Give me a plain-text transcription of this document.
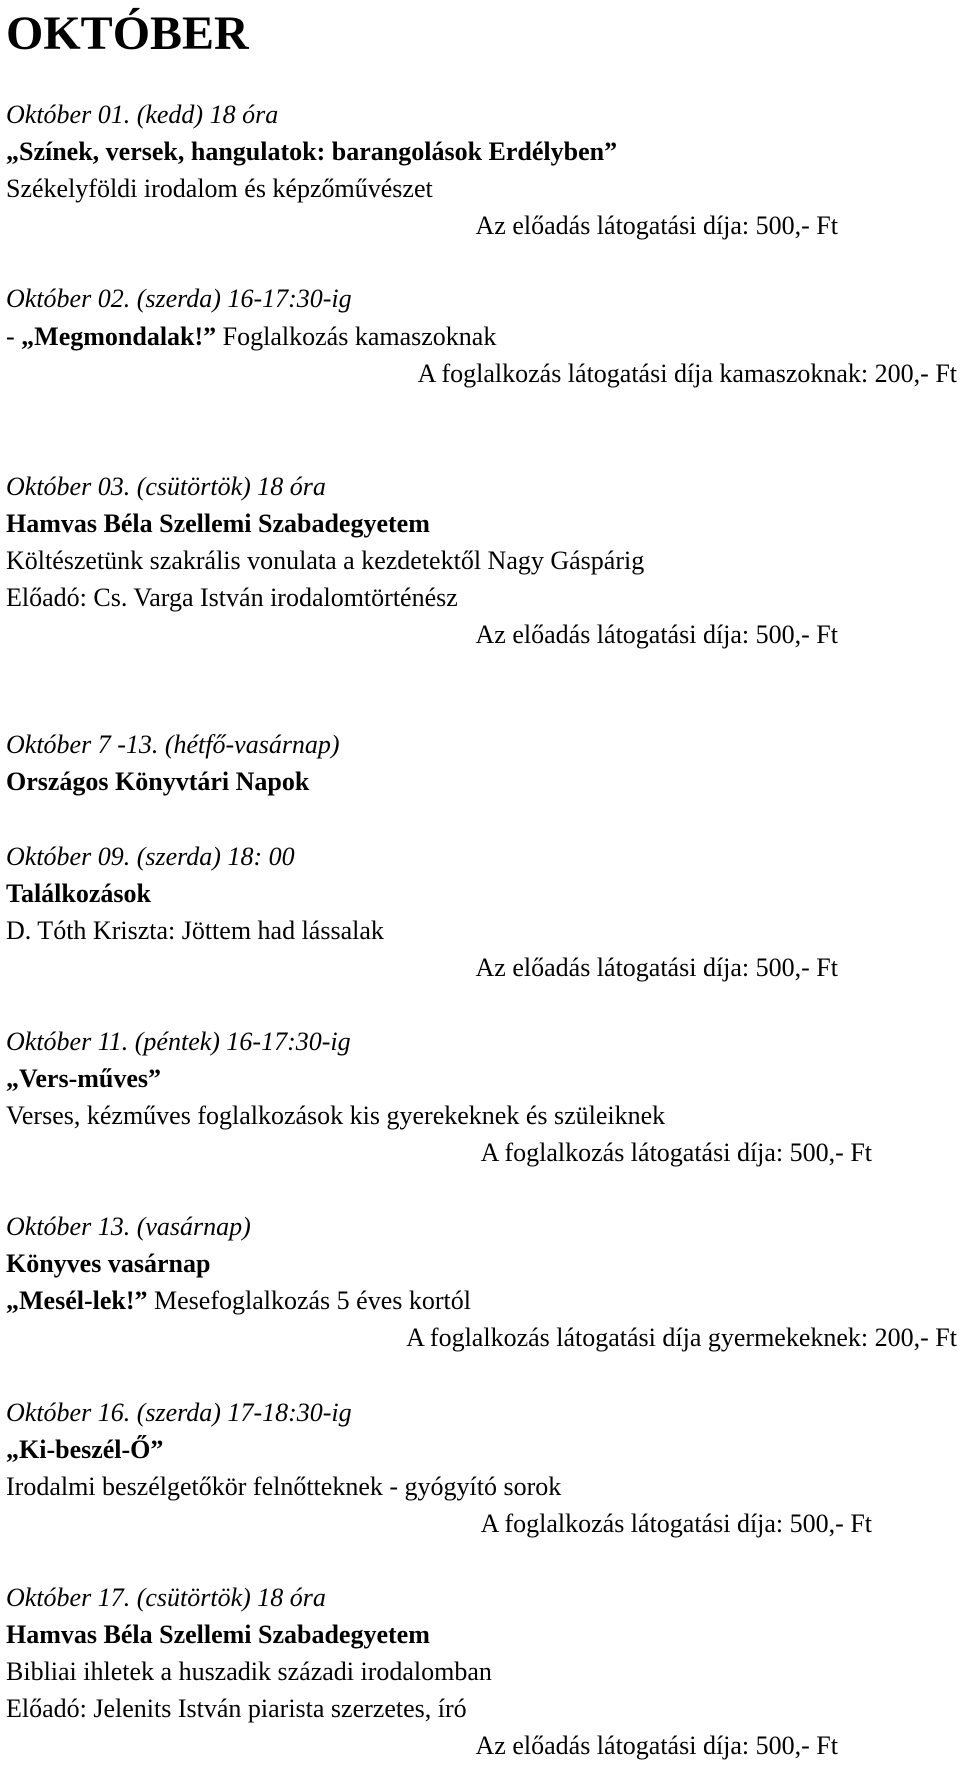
OKTÓBER
Október 01. (kedd) 18 óra
„Színek, versek, hangulatok: barangolások Erdélyben”
Székelyföldi irodalom és képzőművészet
Az előadás látogatási díja: 500,- Ft
Október 02. (szerda) 16-17:30-ig
- „Megmondalak!” Foglalkozás kamaszoknak
A foglalkozás látogatási díja kamaszoknak: 200,- Ft
Október 03. (csütörtök) 18 óra
Hamvas Béla Szellemi Szabadegyetem
Költészetünk szakrális vonulata a kezdetektől Nagy Gáspárig
Előadó: Cs. Varga István irodalomtörténész
Az előadás látogatási díja: 500,- Ft
Október 7 -13. (hétfő-vasárnap)
Országos Könyvtári Napok
Október 09. (szerda) 18: 00
Találkozások
D. Tóth Kriszta: Jöttem had lássalak
Az előadás látogatási díja: 500,- Ft
Október 11. (péntek) 16-17:30-ig
„Vers-műves”
Verses, kézműves foglalkozások kis gyerekeknek és szüleiknek
A foglalkozás látogatási díja: 500,- Ft
Október 13. (vasárnap)
Könyves vasárnap
„Mesél-lek!” Mesefoglalkozás 5 éves kortól
A foglalkozás látogatási díja gyermekeknek: 200,- Ft
Október 16. (szerda) 17-18:30-ig
„Ki-beszél-Ő”
Irodalmi beszélgetőkör felnőtteknek - gyógyító sorok
A foglalkozás látogatási díja: 500,- Ft
Október 17. (csütörtök) 18 óra
Hamvas Béla Szellemi Szabadegyetem
Bibliai ihletek a huszadik századi irodalomban
Előadó: Jelenits István piarista szerzetes, író
Az előadás látogatási díja: 500,- Ft
